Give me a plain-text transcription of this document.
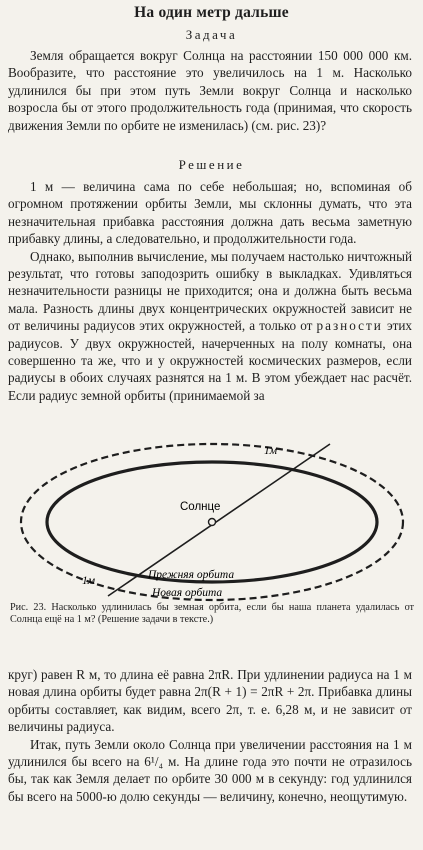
На один метр дальше
Задача

Земля обращается вокруг Солнца на расстоянии 150 000 000 км. Вообразите, что расстояние это увеличилось на 1 м. Насколько удлинился бы при этом путь Земли вокруг Солнца и насколько возросла бы от этого продолжительность года (принимая, что скорость движения Земли по орбите не изменилась) (см. рис. 23)?

Решение

1 м — величина сама по себе небольшая; но, вспоминая об огромном протяжении орбиты Земли, мы склонны думать, что эта незначительная прибавка расстояния должна дать весьма заметную прибавку длины, а следовательно, и продолжительности года.

Однако, выполнив вычисление, мы получаем настолько ничтожный результат, что готовы заподозрить ошибку в выкладках. Удивляться незначительности разницы не приходится; она и должна быть весьма мала. Разность длины двух концентрических окружностей зависит не от величины радиусов этих окружностей, а только от разности этих радиусов. У двух окружностей, начерченных на полу комнаты, она совершенно та же, что и у окружностей космических размеров, если радиусы в обоих случаях разнятся на 1 м. В этом убеждает нас расчёт. Если радиус земной орбиты (принимаемой за

Солнце
1м
1м	Прежняя орбита
Новая орбита

Рис. 23. Насколько удлинилась бы земная орбита, если бы наша планета удалилась от Солнца ещё на 1 м? (Решение задачи в тексте.)

круг) равен R м, то длина её равна 2πR. При удлинении радиуса на 1 м новая длина орбиты будет равна 2π(R + 1) = 2πR + 2π. Прибавка длины орбиты составляет, как видим, всего 2π, т. е. 6,28 м, и не зависит от величины радиуса.

Итак, путь Земли около Солнца при увеличении расстояния на 1 м удлинился бы всего на 6¹/₄ м. На длине года это почти не отразилось бы, так как Земля делает по орбите 30 000 м в секунду: год удлинился бы всего на 5000-ю долю секунды — величину, конечно, неощутимую.
